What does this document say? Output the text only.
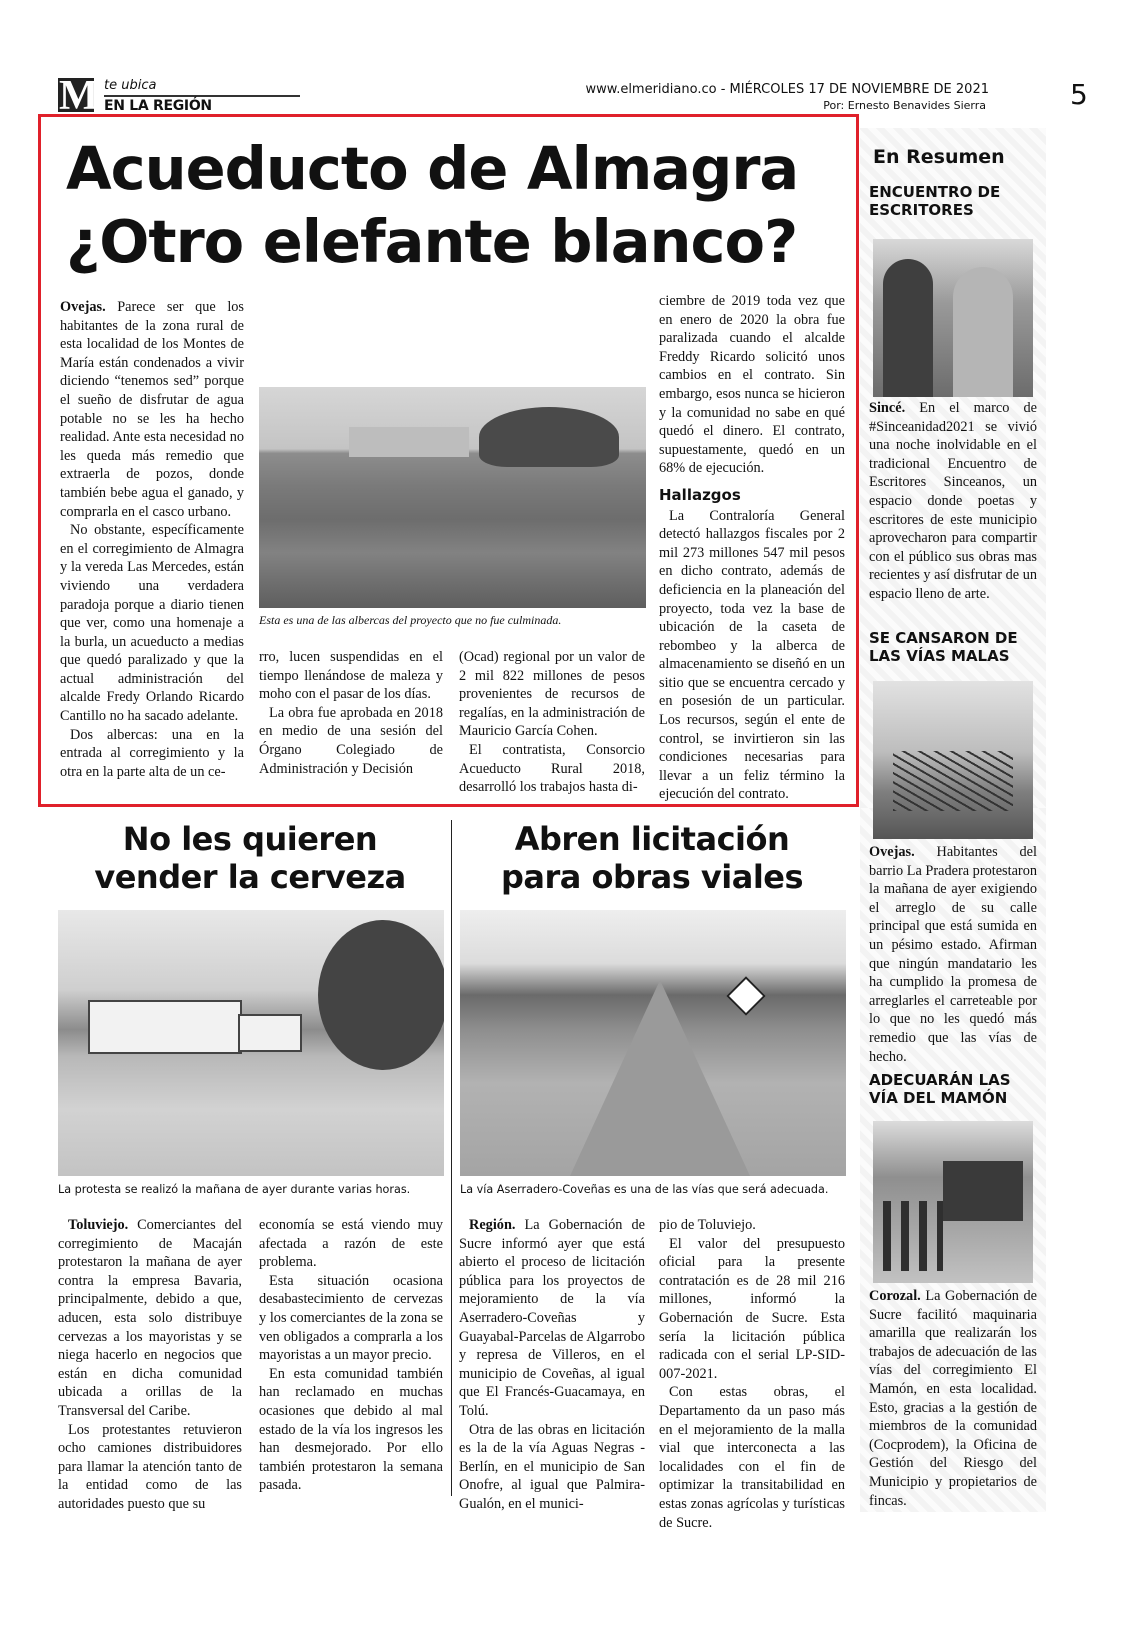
M te ubica
EN LA REGIÓN
www.elmeridiano.co - MIÉRCOLES 17 DE NOVIEMBRE DE 2021
Por: Ernesto Benavides Sierra	5
Acueducto de Almagra
¿Otro elefante blanco?

Ovejas. Parece ser que los habitantes de la zona rural de esta localidad de los Montes de María están condenados a vivir diciendo “tenemos sed” porque el sueño de disfrutar de agua potable no se les ha hecho realidad. Ante esta necesidad no les queda más remedio que extraerla de pozos, donde también bebe agua el ganado, y comprarla en el casco urbano.

No obstante, específicamente en el corregimiento de Almagra y la vereda Las Mercedes, están viviendo una verdadera paradoja porque a diario tienen que ver, como una homenaje a la burla, un acueducto a medias que quedó paralizado y que la actual administración del alcalde Fredy Orlando Ricardo Cantillo no ha sacado adelante.

Dos albercas: una en la entrada al corregimiento y la otra en la parte alta de un ce-

Esta es una de las albercas del proyecto que no fue culminada.

rro, lucen suspendidas en el tiempo llenándose de maleza y moho con el pasar de los días.

La obra fue aprobada en 2018 en medio de una sesión del Órgano Colegiado de Administración y Decisión

(Ocad) regional por un valor de 2 mil 822 millones de pesos provenientes de recursos de regalías, en la administración de Mauricio García Cohen.

El contratista, Consorcio Acueducto Rural 2018, desarrolló los trabajos hasta di-

ciembre de 2019 toda vez que en enero de 2020 la obra fue paralizada cuando el alcalde Freddy Ricardo solicitó unos cambios en el contrato. Sin embargo, esos nunca se hicieron y la comunidad no sabe en qué quedó el dinero. El contrato, supuestamente, quedó en un 68% de ejecución.

Hallazgos

La Contraloría General detectó hallazgos fiscales por 2 mil 273 millones 547 mil pesos en dicho contrato, además de deficiencia en la planeación del proyecto, toda vez la base de ubicación de la caseta de rebombeo y la alberca de almacenamiento se diseñó en un sitio que se encuentra cercado y en posesión de un particular. Los recursos, según el ente de control, se invirtieron sin las condiciones necesarias para llevar a un feliz término la ejecución del contrato.

No les quieren
vender la cerveza

La protesta se realizó la mañana de ayer durante varias horas.

Toluviejo. Comerciantes del corregimiento de Macaján protestaron la mañana de ayer contra la empresa Bavaria, principalmente, debido a que, aducen, esta solo distribuye cervezas a los mayoristas y se niega hacerlo en negocios que están en dicha comunidad ubicada a orillas de la Transversal del Caribe.

Los protestantes retuvieron ocho camiones distribuidores para llamar la atención tanto de la entidad como de las autoridades puesto que su

economía se está viendo muy afectada a razón de este problema.

Esta situación ocasiona desabastecimiento de cervezas y los comerciantes de la zona se ven obligados a comprarla a los mayoristas a un mayor precio.

En esta comunidad también han reclamado en muchas ocasiones que debido al mal estado de la vía los ingresos les han desmejorado. Por ello también protestaron la semana pasada.

Abren licitación
para obras viales

La vía Aserradero-Coveñas es una de las vías que será adecuada.

Región. La Gobernación de Sucre informó ayer que está abierto el proceso de licitación pública para los proyectos de mejoramiento de la vía Aserradero-Coveñas y Guayabal-Parcelas de Algarrobo y represa de Villeros, en el municipio de Coveñas, al igual que El Francés-Guacamaya, en Tolú.

Otra de las obras en licitación es la de la vía Aguas Negras - Berlín, en el municipio de San Onofre, al igual que Palmira-Gualón, en el munici-

pio de Toluviejo.

El valor del presupuesto oficial para la presente contratación es de 28 mil 216 millones, informó la Gobernación de Sucre. Esta sería la licitación pública radicada con el serial LP-SID-007-2021.

Con estas obras, el Departamento da un paso más en el mejoramiento de la malla vial que interconecta a las localidades con el fin de optimizar la transitabilidad en estas zonas agrícolas y turísticas de Sucre.

En Resumen
ENCUENTRO DE
ESCRITORES
Sincé. En el marco de #Sinceanidad2021 se vivió una noche inolvidable en el tradicional Encuentro de Escritores Sinceanos, un espacio donde poetas y escritores de este municipio aprovecharon para compartir con el público sus obras mas recientes y así disfrutar de un espacio lleno de arte.
SE CANSARON DE
LAS VÍAS MALAS
Ovejas. Habitantes del barrio La Pradera protestaron la mañana de ayer exigiendo el arreglo de su calle principal que está sumida en un pésimo estado. Afirman que ningún mandatario les ha cumplido la promesa de arreglarles el carreteable por lo que no les quedó más remedio que las vías de hecho.
ADECUARÁN LAS
VÍA DEL MAMÓN
Corozal. La Gobernación de Sucre facilitó maquinaria amarilla que realizarán los trabajos de adecuación de las vías del corregimiento El Mamón, en esta localidad. Esto, gracias a la gestión de miembros de la comunidad (Cocprodem), la Oficina de Gestión del Riesgo del Municipio y propietarios de fincas.
